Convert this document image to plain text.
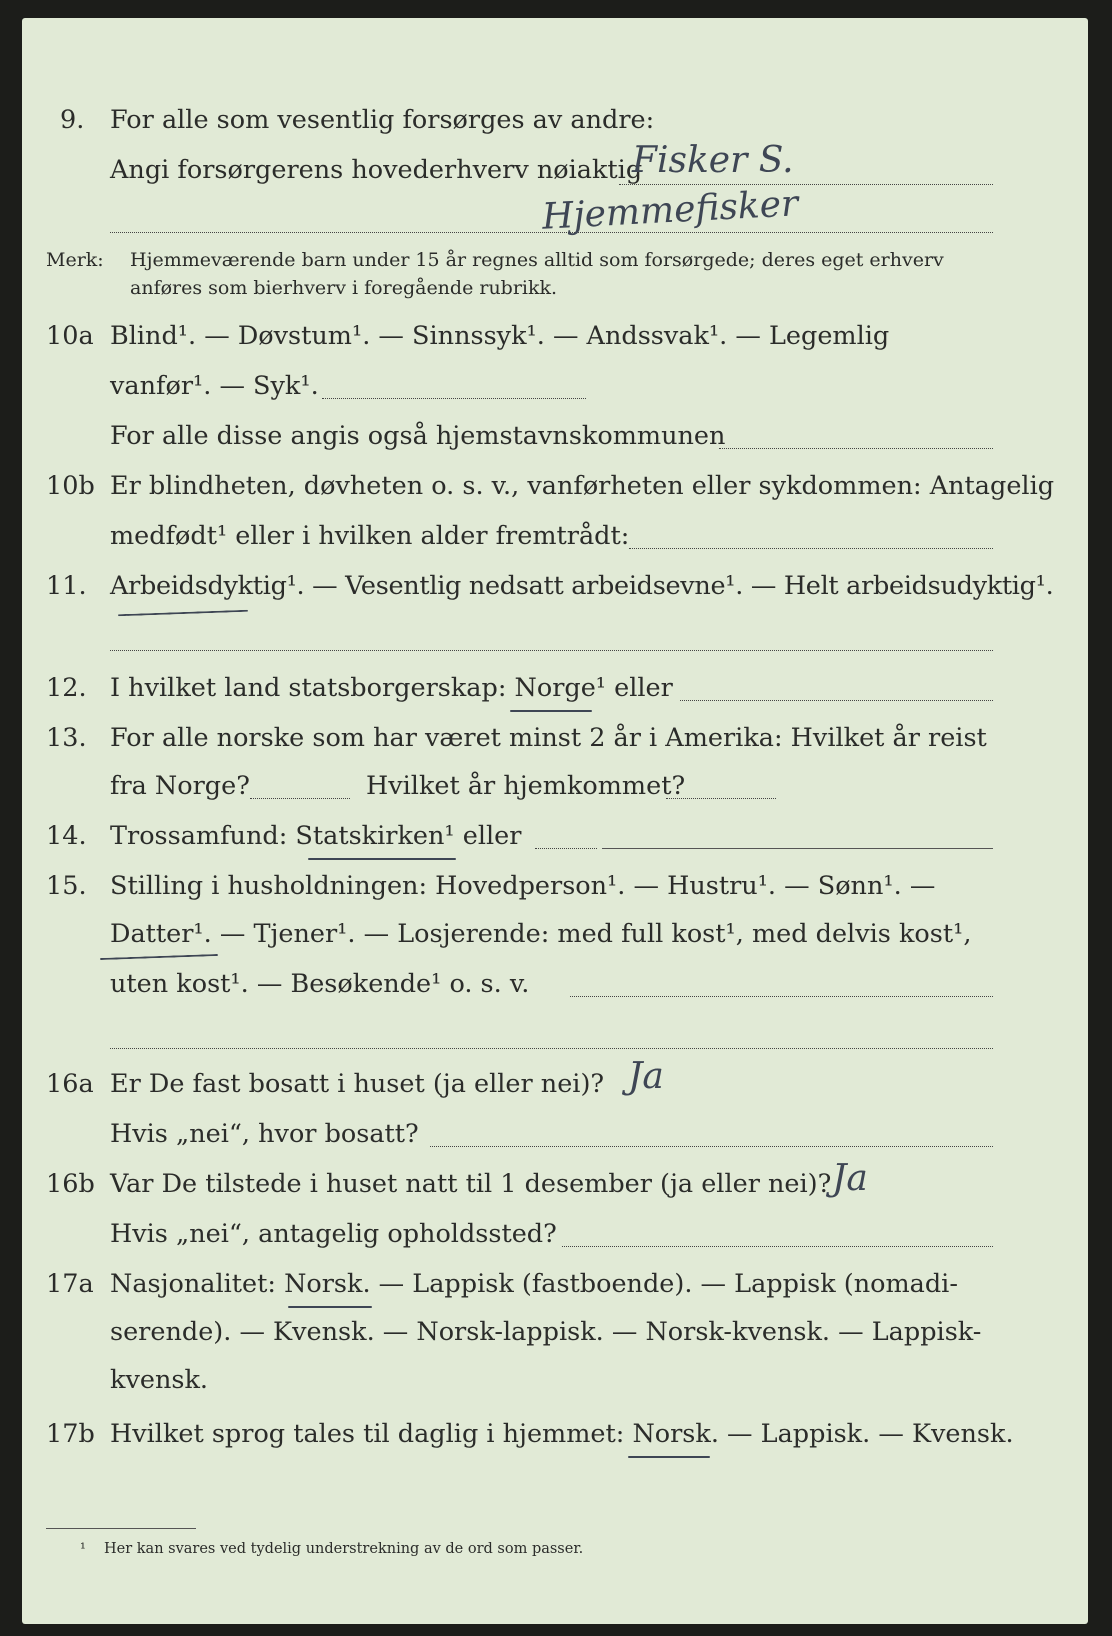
9. For alle som vesentlig forsørges av andre:
Angi forsørgerens hovederhverv nøiaktig
Fisker S.
Hjemmefisker
Merk: Hjemmeværende barn under 15 år regnes alltid som forsørgede; deres eget erhverv
anføres som bierhverv i foregående rubrikk.
10a Blind¹. — Døvstum¹. — Sinnssyk¹. — Andssvak¹. — Legemlig
vanfør¹. — Syk¹.
For alle disse angis også hjemstavnskommunen
10b Er blindheten, døvheten o. s. v., vanførheten eller sykdommen: Antagelig
medfødt¹ eller i hvilken alder fremtrådt:
11. Arbeidsdyktig¹. — Vesentlig nedsatt arbeidsevne¹. — Helt arbeidsudyktig¹.
12. I hvilket land statsborgerskap: Norge¹ eller
13. For alle norske som har været minst 2 år i Amerika: Hvilket år reist
fra Norge?	Hvilket år hjemkommet?
14. Trossamfund: Statskirken¹ eller
15. Stilling i husholdningen: Hovedperson¹. — Hustru¹. — Sønn¹. —
Datter¹. — Tjener¹. — Losjerende: med full kost¹, med delvis kost¹,
uten kost¹. — Besøkende¹ o. s. v.
16a Er De fast bosatt i huset (ja eller nei)? Ja
Hvis „nei“, hvor bosatt?
16b Var De tilstede i huset natt til 1 desember (ja eller nei)? Ja
Hvis „nei“, antagelig opholdssted?
17a Nasjonalitet: Norsk. — Lappisk (fastboende). — Lappisk (nomadi-
serende). — Kvensk. — Norsk-lappisk. — Norsk-kvensk. — Lappisk-
kvensk.
17b Hvilket sprog tales til daglig i hjemmet: Norsk. — Lappisk. — Kvensk.
¹ Her kan svares ved tydelig understrekning av de ord som passer.
